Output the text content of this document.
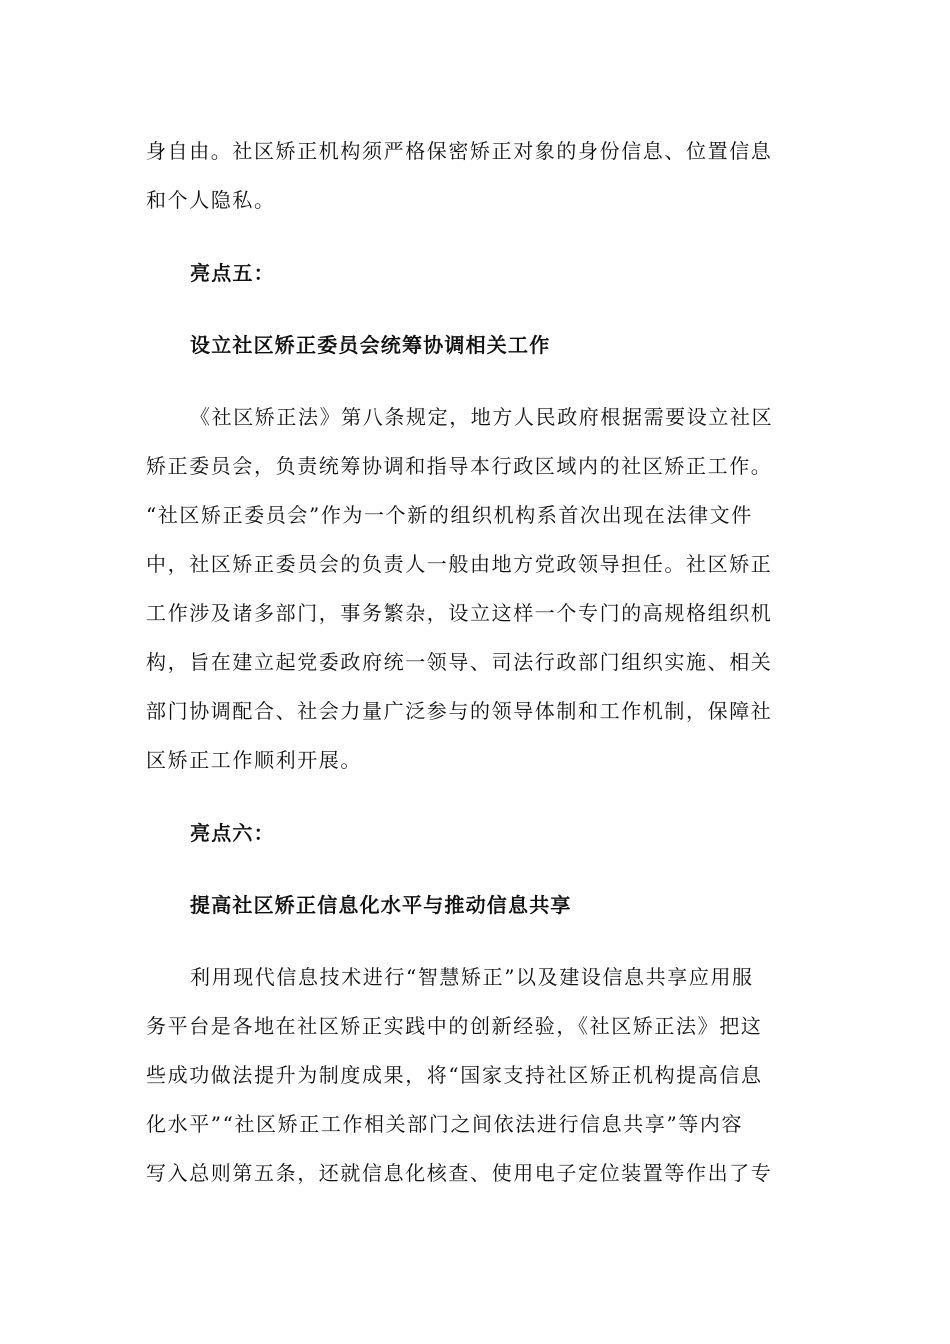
身自由。社区矫正机构须严格保密矫正对象的身份信息、位置信息
和个人隐私。
亮点五：
设立社区矫正委员会统筹协调相关工作
《社区矫正法》第八条规定，地方人民政府根据需要设立社区
矫正委员会，负责统筹协调和指导本行政区域内的社区矫正工作。
“社区矫正委员会”作为一个新的组织机构系首次出现在法律文件
中，社区矫正委员会的负责人一般由地方党政领导担任。社区矫正
工作涉及诸多部门，事务繁杂，设立这样一个专门的高规格组织机
构，旨在建立起党委政府统一领导、司法行政部门组织实施、相关
部门协调配合、社会力量广泛参与的领导体制和工作机制，保障社
区矫正工作顺利开展。
亮点六：
提高社区矫正信息化水平与推动信息共享
利用现代信息技术进行“智慧矫正”以及建设信息共享应用服
务平台是各地在社区矫正实践中的创新经验，《社区矫正法》把这
些成功做法提升为制度成果，将“国家支持社区矫正机构提高信息
化水平”“社区矫正工作相关部门之间依法进行信息共享”等内容
写入总则第五条，还就信息化核查、使用电子定位装置等作出了专
